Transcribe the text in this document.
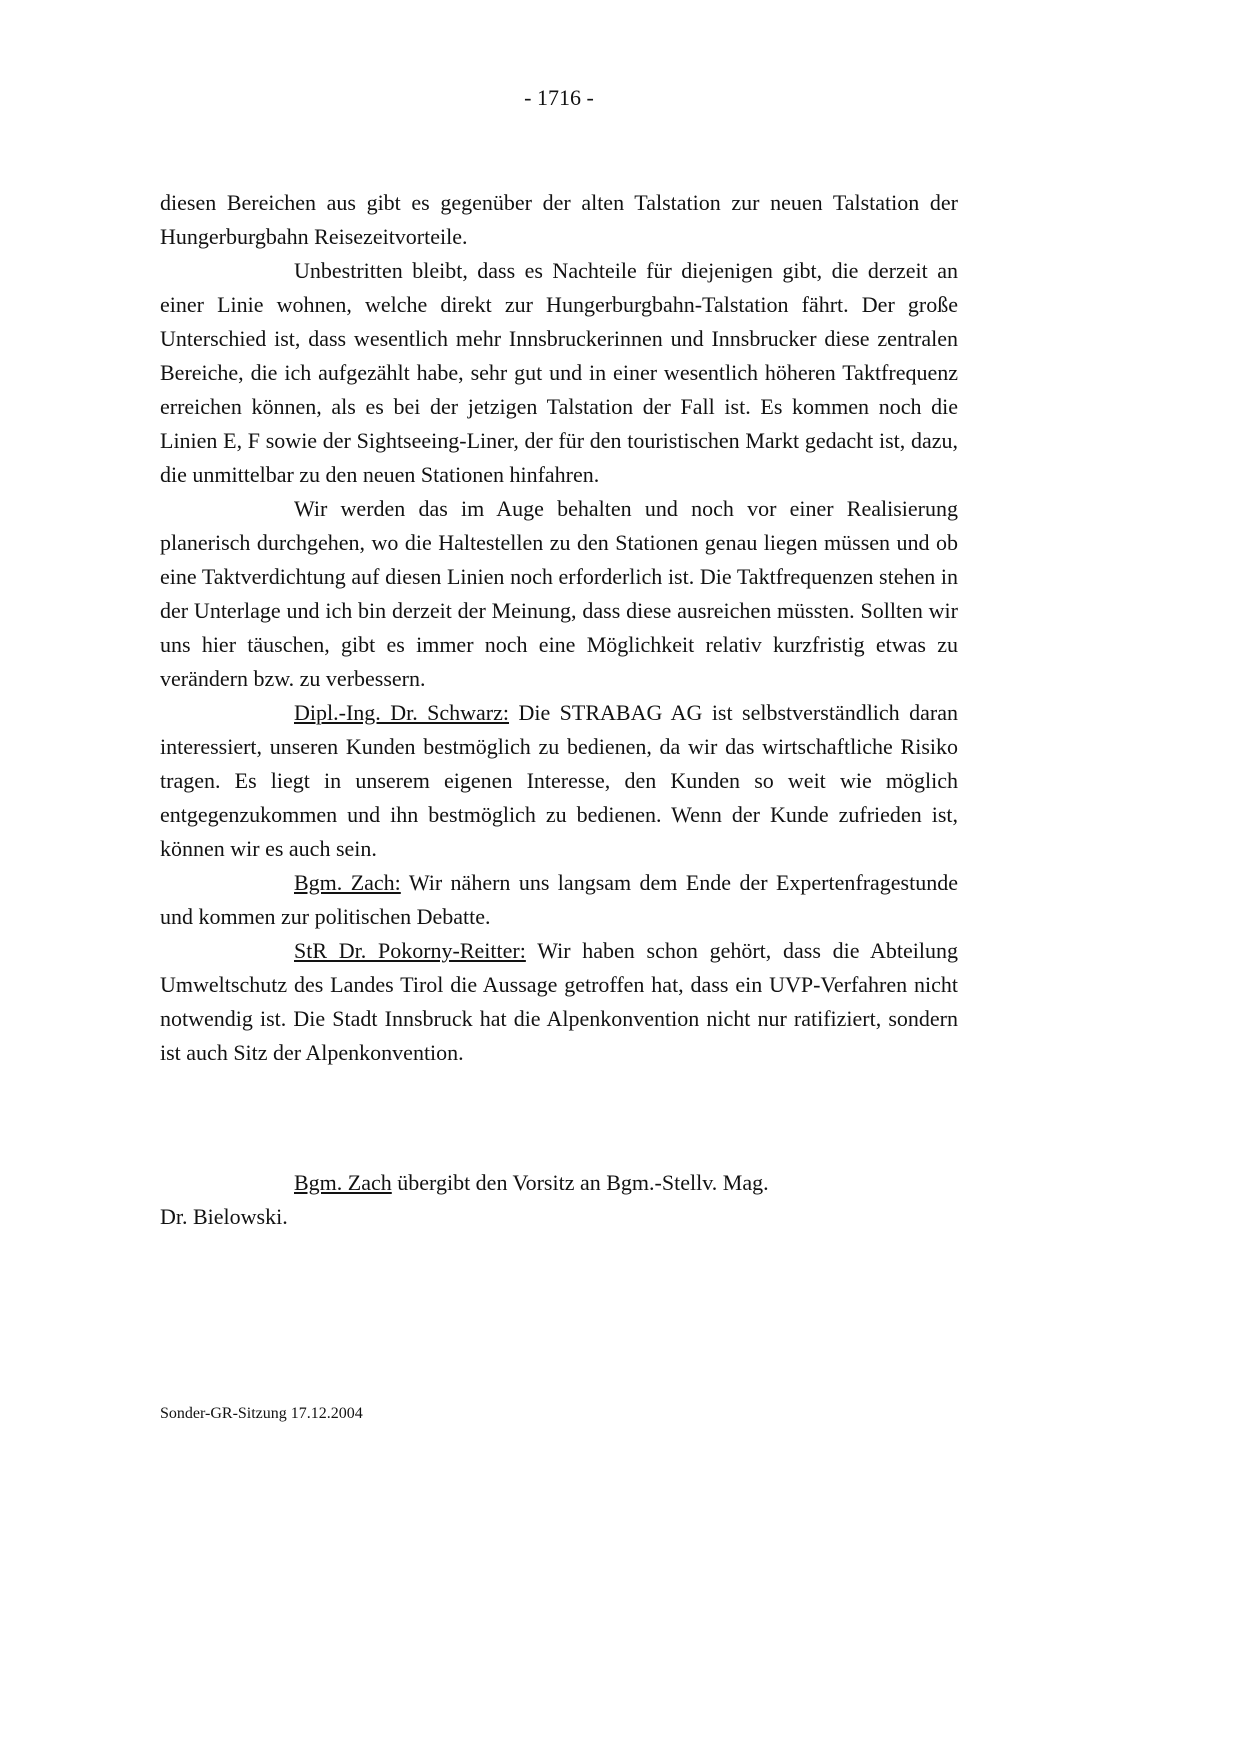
- 1716 -

diesen Bereichen aus gibt es gegenüber der alten Talstation zur neuen Talstation der Hungerburgbahn Reisezeitvorteile.

Unbestritten bleibt, dass es Nachteile für diejenigen gibt, die derzeit an einer Linie wohnen, welche direkt zur Hungerburgbahn-Talstation fährt. Der große Unterschied ist, dass wesentlich mehr Innsbruckerinnen und Innsbrucker diese zentralen Bereiche, die ich aufgezählt habe, sehr gut und in einer wesentlich höheren Taktfrequenz erreichen können, als es bei der jetzigen Talstation der Fall ist. Es kommen noch die Linien E, F sowie der Sightseeing-Liner, der für den touristischen Markt gedacht ist, dazu, die unmittelbar zu den neuen Stationen hinfahren.

Wir werden das im Auge behalten und noch vor einer Realisierung planerisch durchgehen, wo die Haltestellen zu den Stationen genau liegen müssen und ob eine Taktverdichtung auf diesen Linien noch erforderlich ist. Die Taktfrequenzen stehen in der Unterlage und ich bin derzeit der Meinung, dass diese ausreichen müssten. Sollten wir uns hier täuschen, gibt es immer noch eine Möglichkeit relativ kurzfristig etwas zu verändern bzw. zu verbessern.

Dipl.-Ing. Dr. Schwarz: Die STRABAG AG ist selbstverständlich daran interessiert, unseren Kunden bestmöglich zu bedienen, da wir das wirtschaftliche Risiko tragen. Es liegt in unserem eigenen Interesse, den Kunden so weit wie möglich entgegenzukommen und ihn bestmöglich zu bedienen. Wenn der Kunde zufrieden ist, können wir es auch sein.

Bgm. Zach: Wir nähern uns langsam dem Ende der Expertenfragestunde und kommen zur politischen Debatte.

StR Dr. Pokorny-Reitter: Wir haben schon gehört, dass die Abteilung Umweltschutz des Landes Tirol die Aussage getroffen hat, dass ein UVP-Verfahren nicht notwendig ist. Die Stadt Innsbruck hat die Alpenkonvention nicht nur ratifiziert, sondern ist auch Sitz der Alpenkonvention.

Bgm. Zach übergibt den Vorsitz an Bgm.-Stellv. Mag.
Dr. Bielowski.

Sonder-GR-Sitzung 17.12.2004
